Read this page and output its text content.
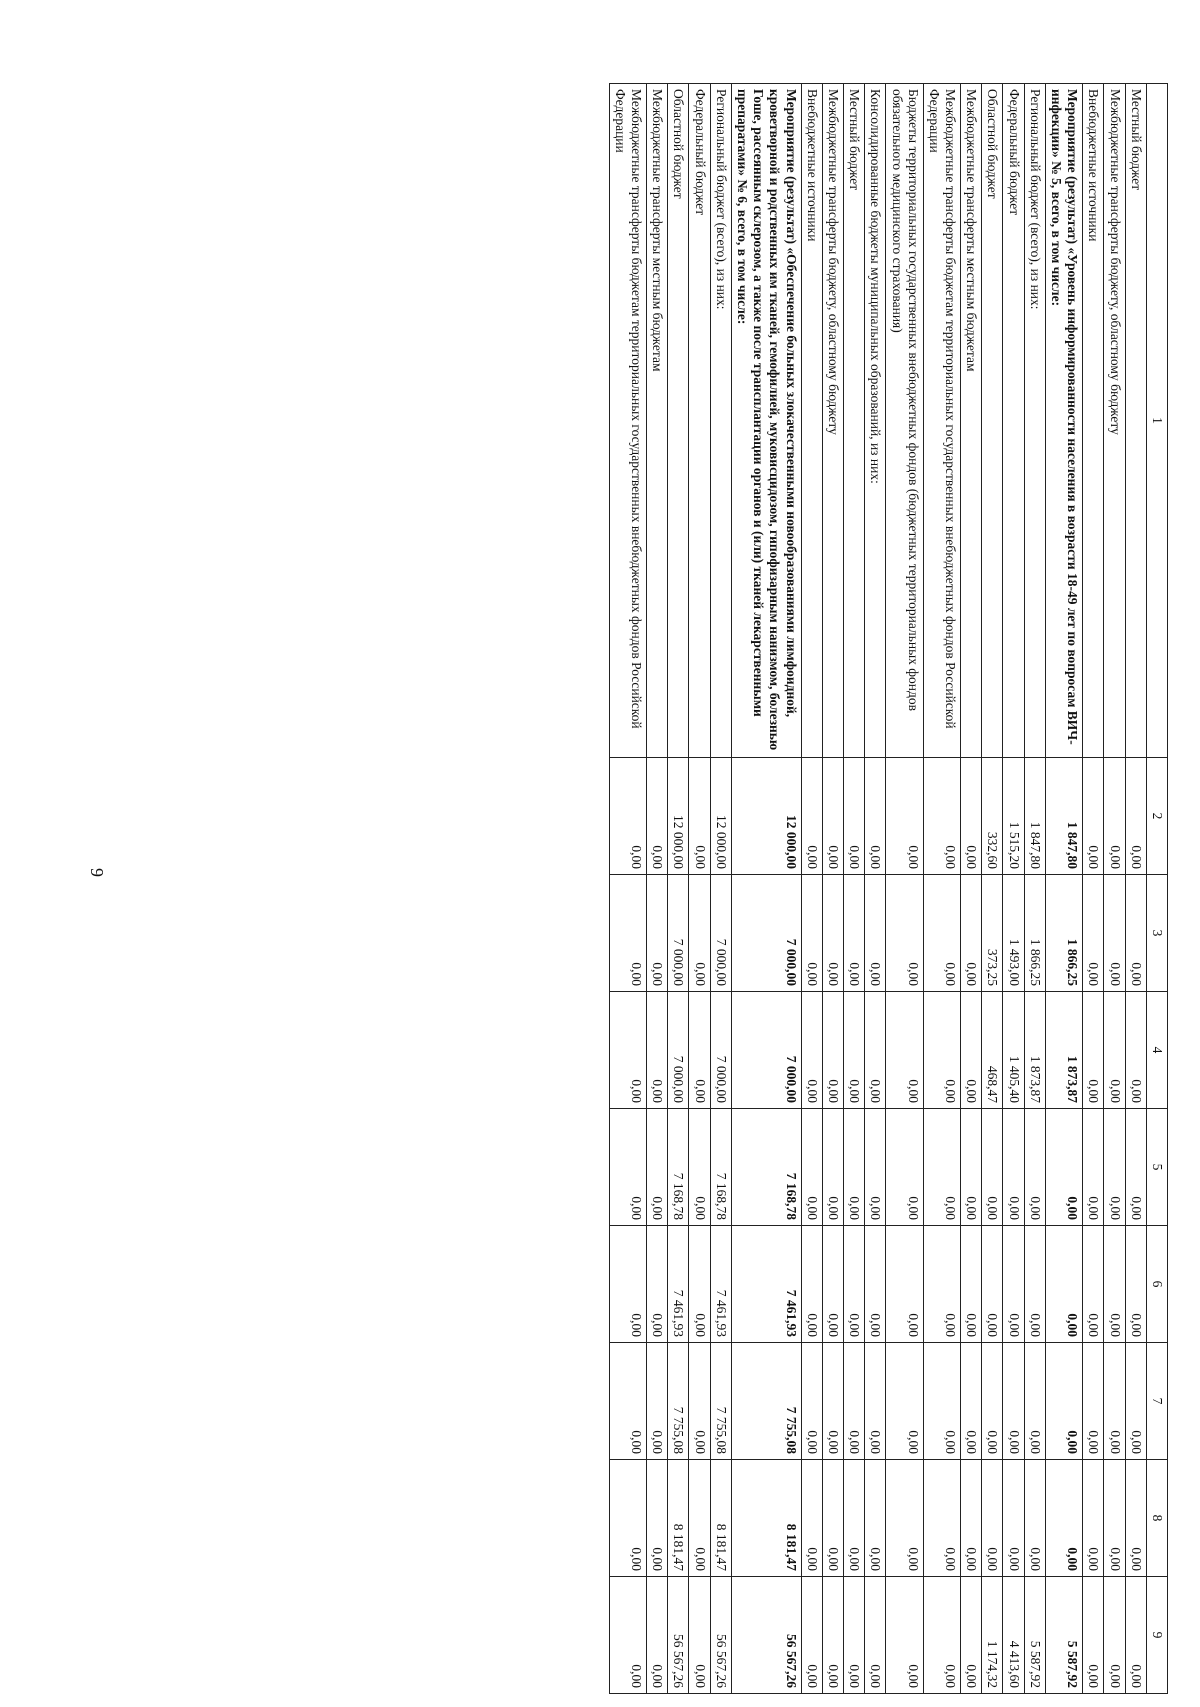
9
1	2	3	4	5	6	7	8	9
Местный бюджет	0,00	0,00	0,00	0,00	0,00	0,00	0,00	0,00
Межбюджетные трансферты бюджету, областному бюджету	0,00	0,00	0,00	0,00	0,00	0,00	0,00	0,00
Внебюджетные источники	0,00	0,00	0,00	0,00	0,00	0,00	0,00	0,00
Мероприятие (результат) «Уровень информированности населения в возрасти 18-49 лет по вопросам ВИЧ-инфекции» № 5, всего, в том числе:	1 847,80	1 866,25	1 873,87	0,00	0,00	0,00	0,00	5 587,92
Региональный бюджет (всего), из них:	1 847,80	1 866,25	1 873,87	0,00	0,00	0,00	0,00	5 587,92
Федеральный бюджет	1 515,20	1 493,00	1 405,40	0,00	0,00	0,00	0,00	4 413,60
Областной бюджет	332,60	373,25	468,47	0,00	0,00	0,00	0,00	1 174,32
Межбюджетные трансферты местным бюджетам	0,00	0,00	0,00	0,00	0,00	0,00	0,00	0,00
Межбюджетные трансферты бюджетам территориальных государственных внебюджетных фондов Российской Федерации	0,00	0,00	0,00	0,00	0,00	0,00	0,00	0,00
Бюджеты территориальных государственных внебюджетных фондов (бюджетных территориальных фондов обязательного медицинского страхования)	0,00	0,00	0,00	0,00	0,00	0,00	0,00	0,00
Консолидированные бюджеты муниципальных образований, из них:	0,00	0,00	0,00	0,00	0,00	0,00	0,00	0,00
Местный бюджет	0,00	0,00	0,00	0,00	0,00	0,00	0,00	0,00
Межбюджетные трансферты бюджету, областному бюджету	0,00	0,00	0,00	0,00	0,00	0,00	0,00	0,00
Внебюджетные источники	0,00	0,00	0,00	0,00	0,00	0,00	0,00	0,00
Мероприятие (результат) «Обеспечение больных злокачественными новообразованиями лимфоидной, кроветворной и родственных им тканей, гемофилией, муковисцидозом, гипофизарным нанизмом, болезнью Гоше, рассеянным склерозом, а также после трансплантации органов и (или) тканей лекарственными препаратами» № 6, всего, в том числе:	12 000,00	7 000,00	7 000,00	7 168,78	7 461,93	7 755,08	8 181,47	56 567,26
Региональный бюджет (всего), из них:	12 000,00	7 000,00	7 000,00	7 168,78	7 461,93	7 755,08	8 181,47	56 567,26
Федеральный бюджет	0,00	0,00	0,00	0,00	0,00	0,00	0,00	0,00
Областной бюджет	12 000,00	7 000,00	7 000,00	7 168,78	7 461,93	7 755,08	8 181,47	56 567,26
Межбюджетные трансферты местным бюджетам	0,00	0,00	0,00	0,00	0,00	0,00	0,00	0,00
Межбюджетные трансферты бюджетам территориальных государственных внебюджетных фондов Российской Федерации	0,00	0,00	0,00	0,00	0,00	0,00	0,00	0,00
